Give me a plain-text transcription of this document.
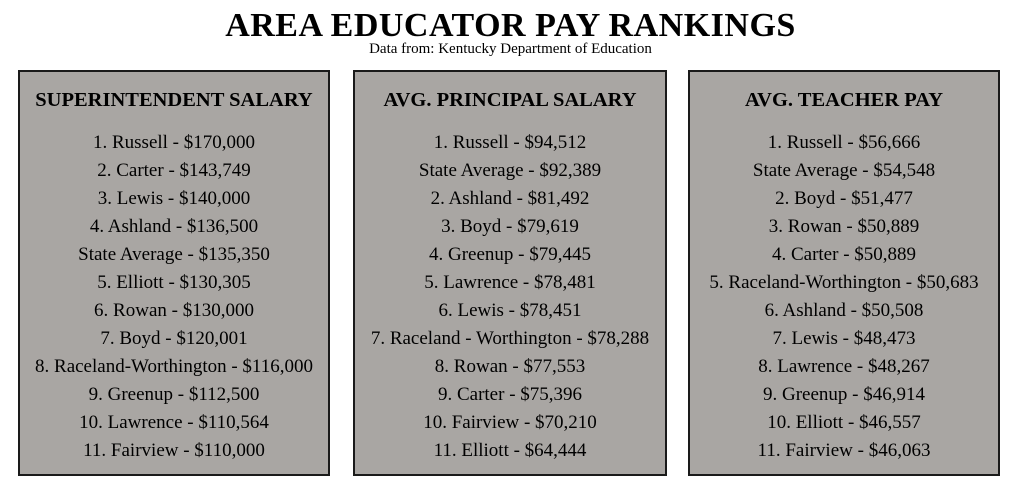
AREA EDUCATOR PAY RANKINGS
Data from: Kentucky Department of Education
SUPERINTENDENT SALARY
1. Russell - $170,000
2. Carter - $143,749
3. Lewis - $140,000
4. Ashland - $136,500
State Average - $135,350
5. Elliott - $130,305
6. Rowan - $130,000
7. Boyd - $120,001
8. Raceland-Worthington - $116,000
9. Greenup - $112,500
10. Lawrence - $110,564
11. Fairview - $110,000
AVG. PRINCIPAL SALARY
1. Russell - $94,512
State Average - $92,389
2. Ashland - $81,492
3. Boyd - $79,619
4. Greenup - $79,445
5. Lawrence - $78,481
6. Lewis - $78,451
7. Raceland - Worthington - $78,288
8. Rowan - $77,553
9. Carter - $75,396
10. Fairview - $70,210
11. Elliott - $64,444
AVG. TEACHER PAY
1. Russell - $56,666
State Average - $54,548
2. Boyd - $51,477
3. Rowan - $50,889
4. Carter - $50,889
5. Raceland-Worthington - $50,683
6. Ashland - $50,508
7. Lewis - $48,473
8. Lawrence - $48,267
9. Greenup - $46,914
10. Elliott - $46,557
11. Fairview - $46,063
